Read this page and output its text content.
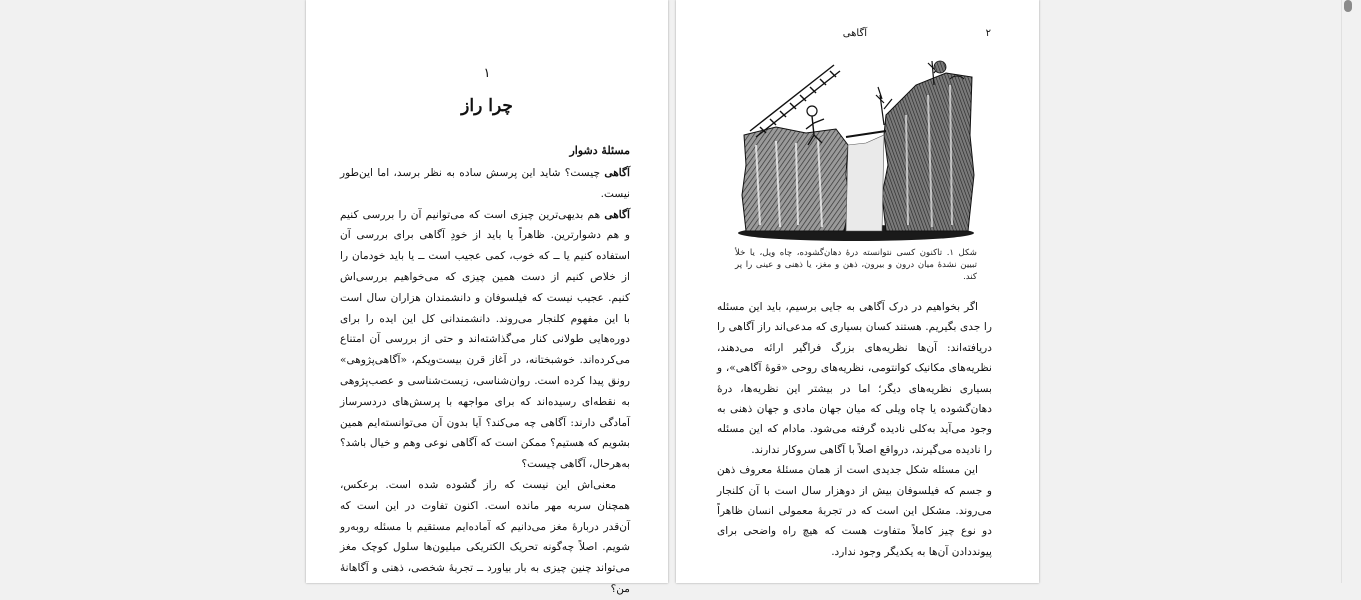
۱
چرا راز
مسئلهٔ دشوار

آگاهی چیست؟ شاید این پرسش ساده به نظر برسد، اما این‌طور نیست.

آگاهی هم بدیهی‌ترین چیزی است که می‌توانیم آن را بررسی کنیم و هم دشوارترین. ظاهراً یا باید از خودِ آگاهی برای بررسی آن استفاده کنیم یا ــ که خوب، کمی عجیب است ــ یا باید خودمان را از خلاص کنیم از دست همین چیزی که می‌خواهیم بررسی‌اش کنیم. عجیب نیست که فیلسوفان و دانشمندان هزاران سال است با این مفهوم کلنجار می‌روند. دانشمندانی کل این ایده را برای دوره‌هایی طولانی کنار می‌گذاشته‌اند و حتی از بررسی آن امتناع می‌کرده‌اند. خوشبختانه، در آغاز قرن بیست‌ویکم، «آگاهی‌پژوهی» رونق پیدا کرده است. روان‌شناسی، زیست‌شناسی و عصب‌پژوهی به نقطه‌ای رسیده‌اند که برای مواجهه با پرسش‌های دردسرساز آمادگی دارند: آگاهی چه می‌کند؟ آیا بدون آن می‌توانسته‌ایم همین بشویم که هستیم؟ ممکن است که آگاهی نوعی وهم و خیال باشد؟ به‌هرحال، آگاهی چیست؟

معنی‌اش این نیست که راز گشوده شده است. برعکس، همچنان سربه مهر مانده است. اکنون تفاوت در این است که آن‌قدر دربارهٔ مغز می‌دانیم که آماده‌ایم مستقیم با مسئله روبه‌رو شویم. اصلاً چه‌گونه تحریک الکتریکی میلیون‌ها سلول کوچک مغز می‌تواند چنین چیزی به بار بیاورد ــ تجربهٔ شخصی، ذهنی و آگاهانهٔ من؟

۲
آگاهی
شکل ۱. تاکنون کسی نتوانسته درهٔ دهان‌گشوده، چاه ویل، یا خلأ تبیین نشدهٔ میان درون و بیرون، ذهن و مغز، یا ذهنی و عینی را پر کند.

اگر بخواهیم در درک آگاهی به جایی برسیم، باید این مسئله را جدی بگیریم. هستند کسان بسیاری که مدعی‌اند راز آگاهی را دریافته‌اند: آن‌ها نظریه‌های بزرگ فراگیر ارائه می‌دهند، نظریه‌های مکانیک کوانتومی، نظریه‌های روحی «قوهٔ آگاهی»، و بسیاری نظریه‌های دیگر؛ اما در بیشتر این نظریه‌ها، درهٔ دهان‌گشوده یا چاه ویلی که میان جهان مادی و جهان ذهنی به وجود می‌آید به‌کلی نادیده گرفته می‌شود. مادام که این مسئله را نادیده می‌گیرند، درواقع اصلاً با آگاهی سروکار ندارند.

این مسئله شکل جدیدی است از همان مسئلهٔ معروف ذهن و جسم که فیلسوفان بیش از دوهزار سال است با آن کلنجار می‌روند. مشکل این است که در تجربهٔ معمولی انسان ظاهراً دو نوع چیز کاملاً متفاوت هست که هیچ راه واضحی برای پیونددادن آن‌ها به یکدیگر وجود ندارد.
